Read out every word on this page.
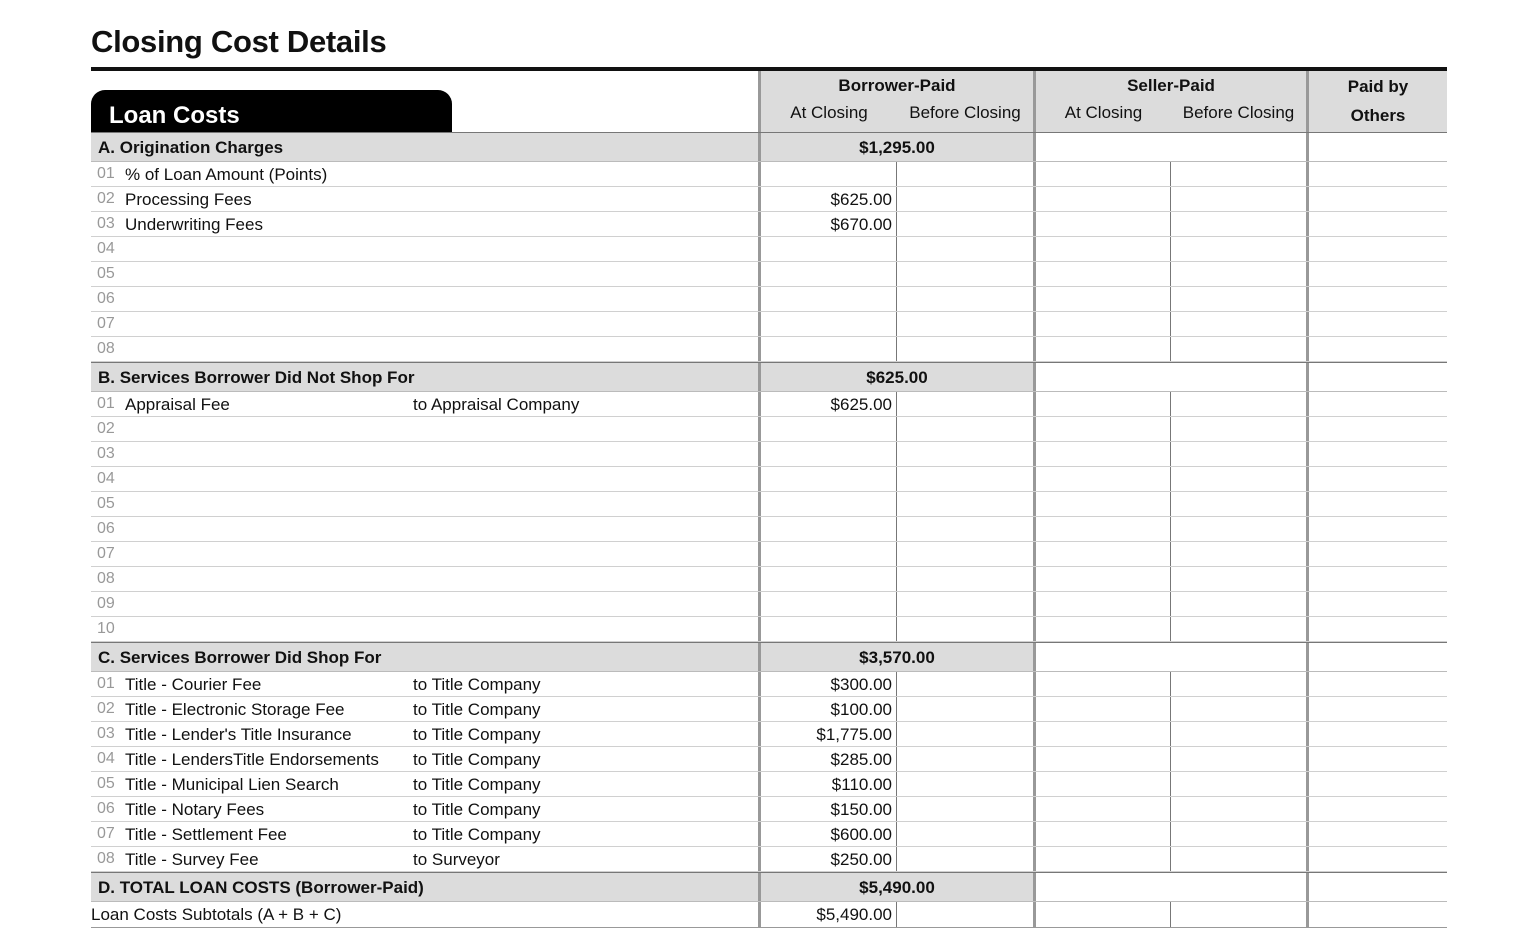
Closing Cost Details
Loan Costs
Borrower-Paid
At Closing	Before Closing
Seller-Paid
At Closing	Before Closing
Paid by
Others
A. Origination Charges	$1,295.00
01 % of Loan Amount (Points)
02 Processing Fees	$625.00
03 Underwriting Fees	$670.00
04
05
06
07
08
B. Services Borrower Did Not Shop For	$625.00
01 Appraisal Fee	to Appraisal Company	$625.00
02
03
04
05
06
07
08
09
10
C. Services Borrower Did Shop For	$3,570.00
01 Title - Courier Fee	to Title Company	$300.00
02 Title - Electronic Storage Fee	to Title Company	$100.00
03 Title - Lender's Title Insurance	to Title Company	$1,775.00
04 Title - LendersTitle Endorsements to Title Company	$285.00
05 Title - Municipal Lien Search	to Title Company	$110.00
06 Title - Notary Fees	to Title Company	$150.00
07 Title - Settlement Fee	to Title Company	$600.00
08 Title - Survey Fee	to Surveyor	$250.00
D. TOTAL LOAN COSTS (Borrower-Paid)	$5,490.00
Loan Costs Subtotals (A + B + C)	$5,490.00
